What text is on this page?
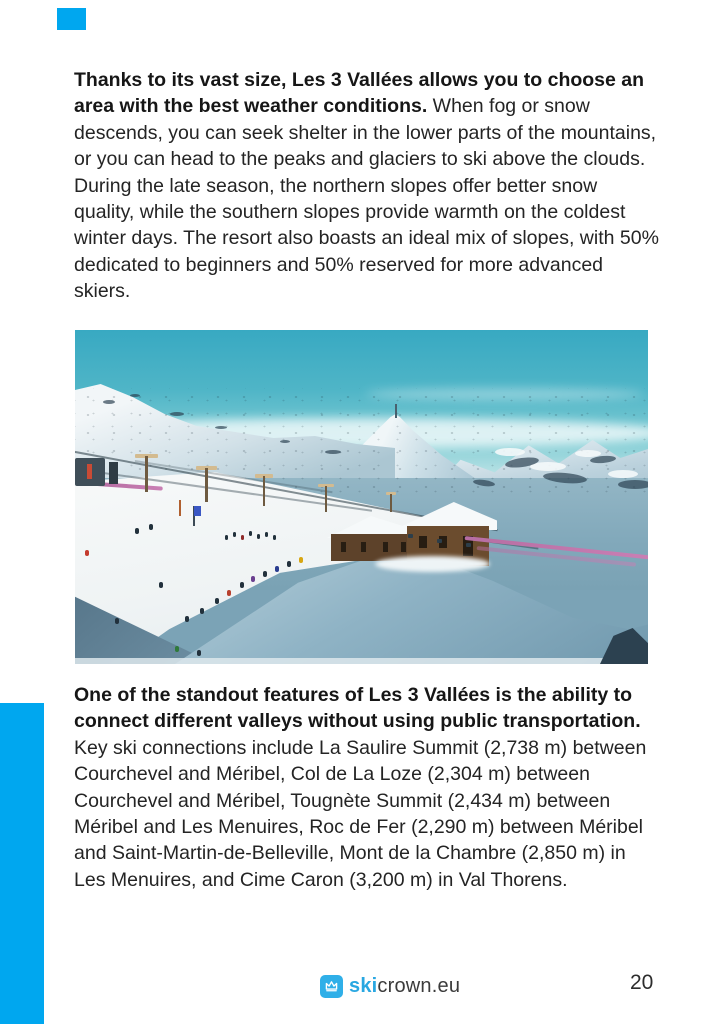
Thanks to its vast size, Les 3 Vallées allows you to choose an
area with the best weather conditions. When fog or snow
descends, you can seek shelter in the lower parts of the mountains,
or you can head to the peaks and glaciers to ski above the clouds.
During the late season, the northern slopes offer better snow
quality, while the southern slopes provide warmth on the coldest
winter days. The resort also boasts an ideal mix of slopes, with 50%
dedicated to beginners and 50% reserved for more advanced
skiers.
One of the standout features of Les 3 Vallées is the ability to
connect different valleys without using public transportation.
Key ski connections include La Saulire Summit (2,738 m) between
Courchevel and Méribel, Col de La Loze (2,304 m) between
Courchevel and Méribel, Tougnète Summit (2,434 m) between
Méribel and Les Menuires, Roc de Fer (2,290 m) between Méribel
and Saint-Martin-de-Belleville, Mont de la Chambre (2,850 m) in
Les Menuires, and Cime Caron (3,200 m) in Val Thorens.
skicrown.eu	20
